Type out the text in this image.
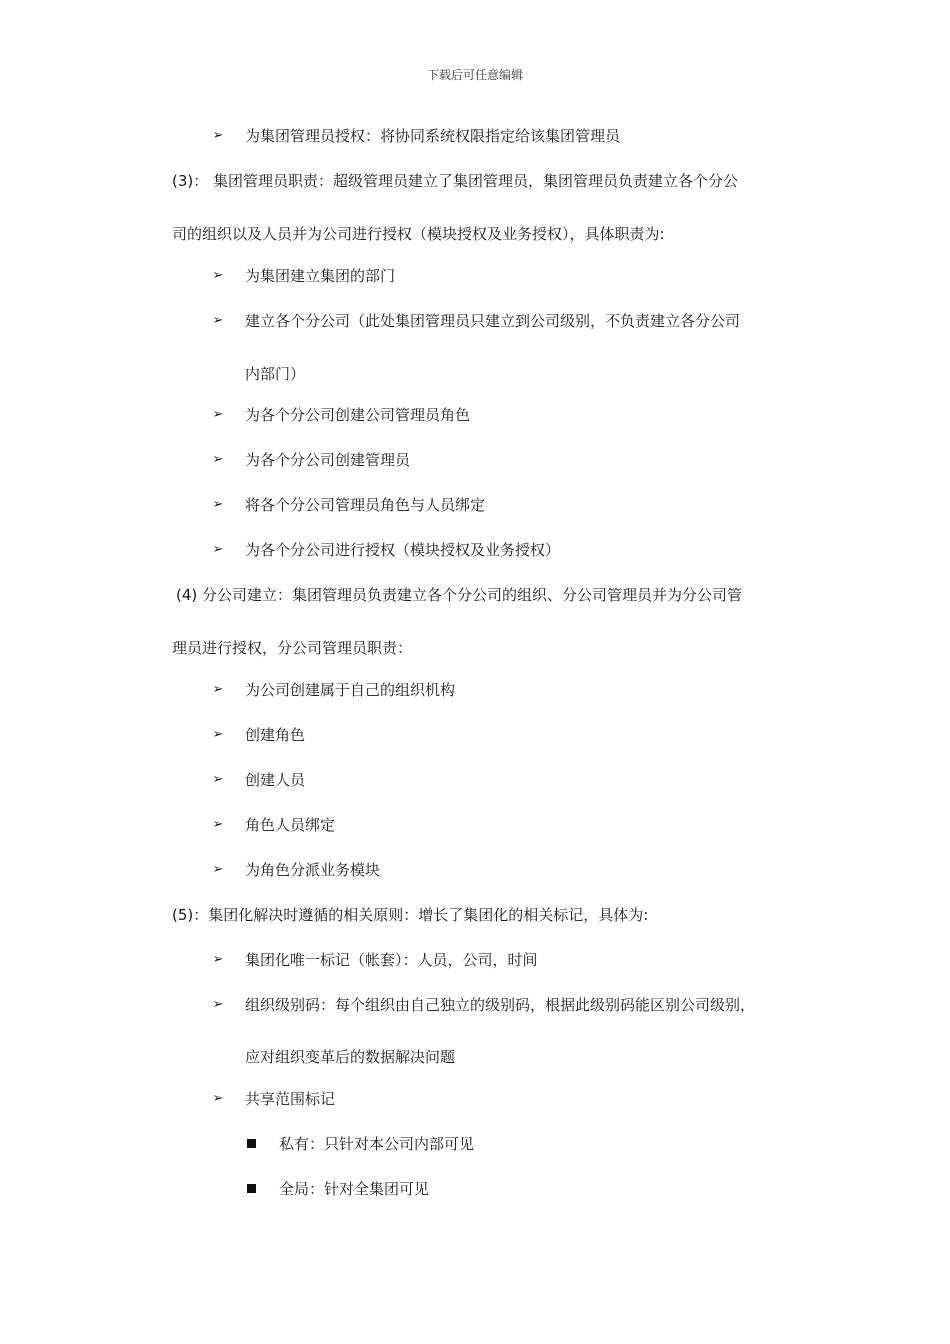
下载后可任意编辑
➢ 为集团管理员授权：将协同系统权限指定给该集团管理员
(3)： 集团管理员职责：超级管理员建立了集团管理员，集团管理员负责建立各个分公
司的组织以及人员并为公司进行授权（模块授权及业务授权），具体职责为:
➢ 为集团建立集团的部门
➢ 建立各个分公司（此处集团管理员只建立到公司级别，不负责建立各分公司
内部门）
➢ 为各个分公司创建公司管理员角色
➢ 为各个分公司创建管理员
➢ 将各个分公司管理员角色与人员绑定
➢ 为各个分公司进行授权（模块授权及业务授权）
(4) 分公司建立：集团管理员负责建立各个分公司的组织、分公司管理员并为分公司管
理员进行授权，分公司管理员职责：
➢ 为公司创建属于自己的组织机构
➢ 创建角色
➢ 创建人员
➢ 角色人员绑定
➢ 为角色分派业务模块
(5)：集团化解决时遵循的相关原则：增长了集团化的相关标记，具体为:
➢ 集团化唯一标记（帐套）：人员，公司，时间
➢ 组织级别码：每个组织由自己独立的级别码，根据此级别码能区别公司级别，
应对组织变革后的数据解决问题
➢ 共享范围标记
私有：只针对本公司内部可见
全局：针对全集团可见
